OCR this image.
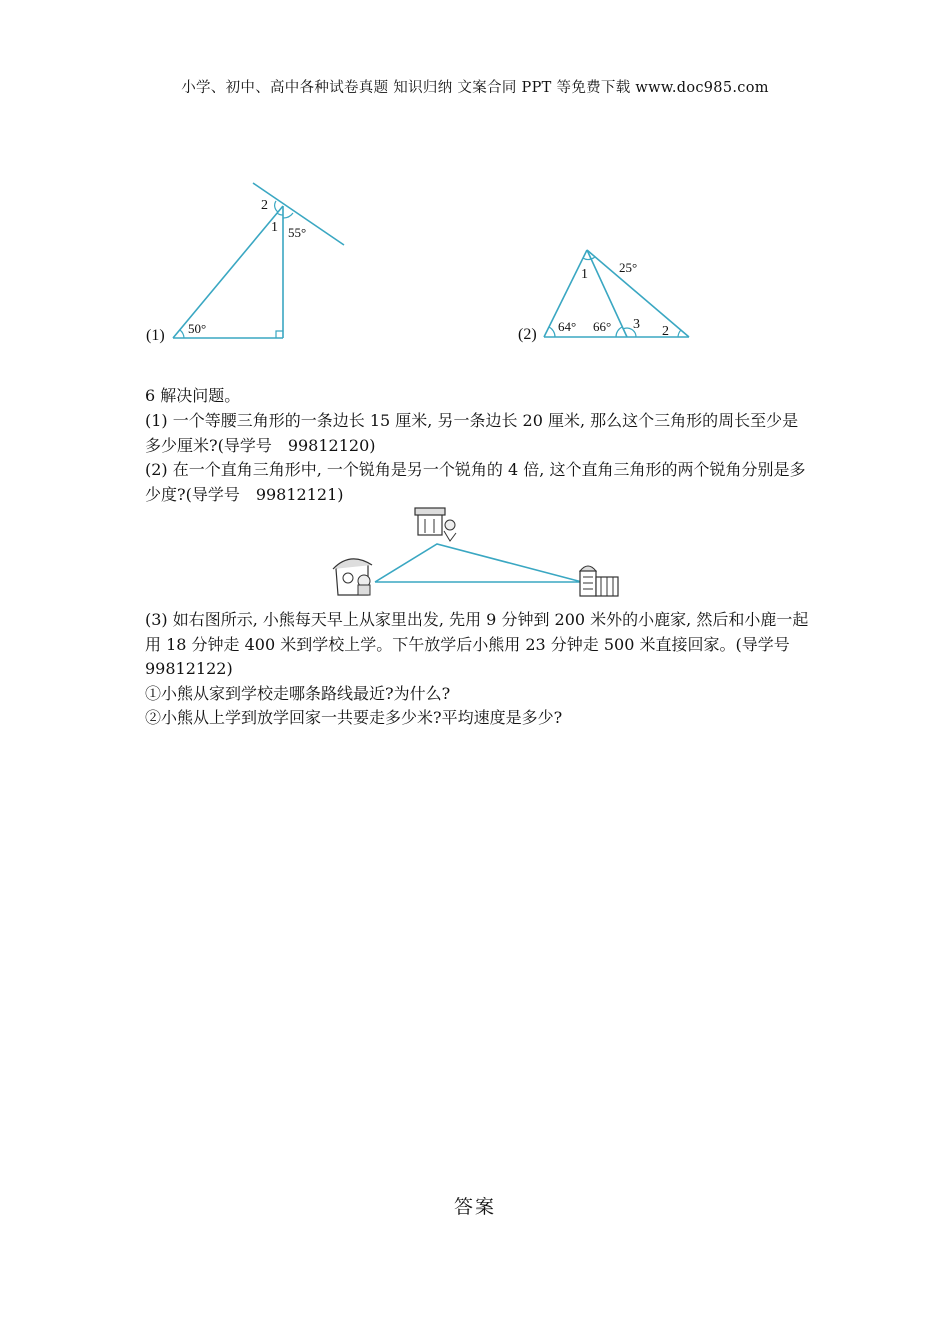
小学、初中、高中各种试卷真题 知识归纳 文案合同 PPT 等免费下载 www.doc985.com
2
1 55°
50°
(1)
1 25°
64° 66° 3 2
(2)

6 解决问题。

(1) 一个等腰三角形的一条边长 15 厘米, 另一条边长 20 厘米, 那么这个三角形的周长至少是多少厘米?(导学号　99812120)

(2) 在一个直角三角形中, 一个锐角是另一个锐角的 4 倍, 这个直角三角形的两个锐角分别是多少度?(导学号　99812121)

(3) 如右图所示, 小熊每天早上从家里出发, 先用 9 分钟到 200 米外的小鹿家, 然后和小鹿一起用 18 分钟走 400 米到学校上学。下午放学后小熊用 23 分钟走 500 米直接回家。(导学号　99812122)

①小熊从家到学校走哪条路线最近?为什么?

②小熊从上学到放学回家一共要走多少米?平均速度是多少?

答案
